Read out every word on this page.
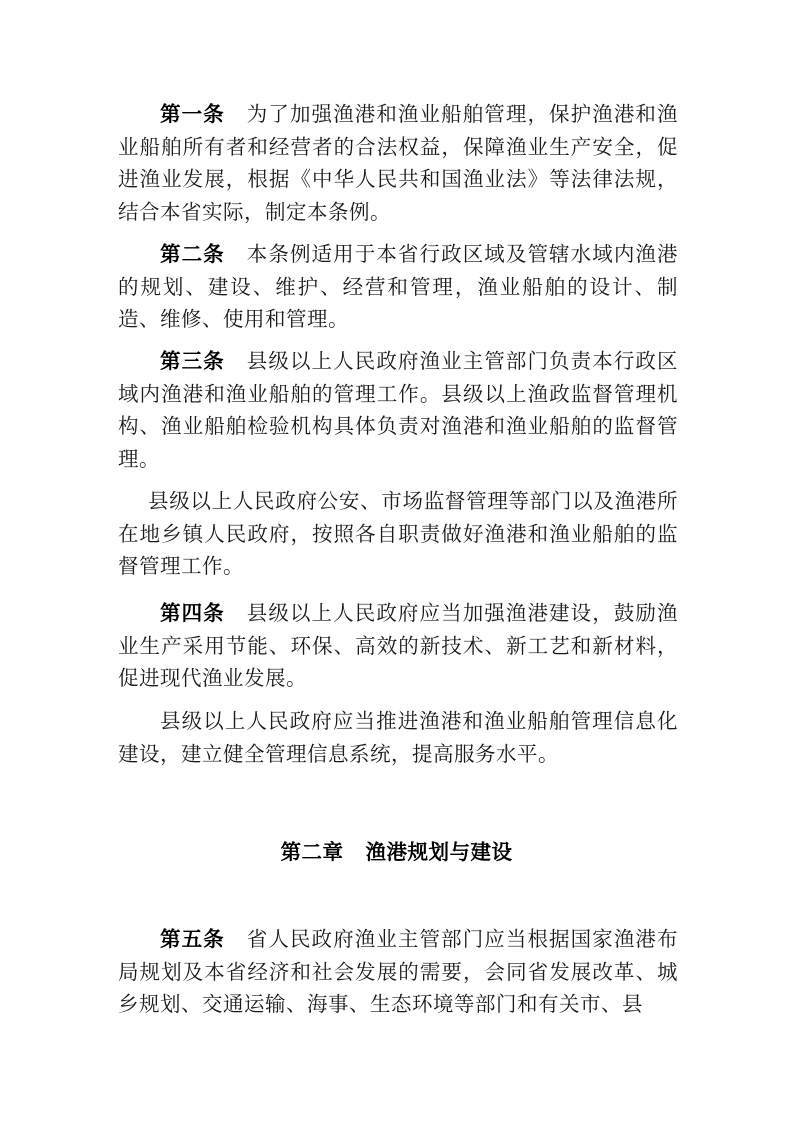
第一条 为了加强渔港和渔业船舶管理，保护渔港和渔业船舶所有者和经营者的合法权益，保障渔业生产安全，促进渔业发展，根据《中华人民共和国渔业法》等法律法规，结合本省实际，制定本条例。

第二条 本条例适用于本省行政区域及管辖水域内渔港的规划、建设、维护、经营和管理，渔业船舶的设计、制造、维修、使用和管理。

第三条 县级以上人民政府渔业主管部门负责本行政区域内渔港和渔业船舶的管理工作。县级以上渔政监督管理机构、渔业船舶检验机构具体负责对渔港和渔业船舶的监督管理。

县级以上人民政府公安、市场监督管理等部门以及渔港所在地乡镇人民政府，按照各自职责做好渔港和渔业船舶的监督管理工作。

第四条 县级以上人民政府应当加强渔港建设，鼓励渔业生产采用节能、环保、高效的新技术、新工艺和新材料，促进现代渔业发展。

县级以上人民政府应当推进渔港和渔业船舶管理信息化建设，建立健全管理信息系统，提高服务水平。

第二章 渔港规划与建设

第五条 省人民政府渔业主管部门应当根据国家渔港布局规划及本省经济和社会发展的需要，会同省发展改革、城乡规划、交通运输、海事、生态环境等部门和有关市、县
